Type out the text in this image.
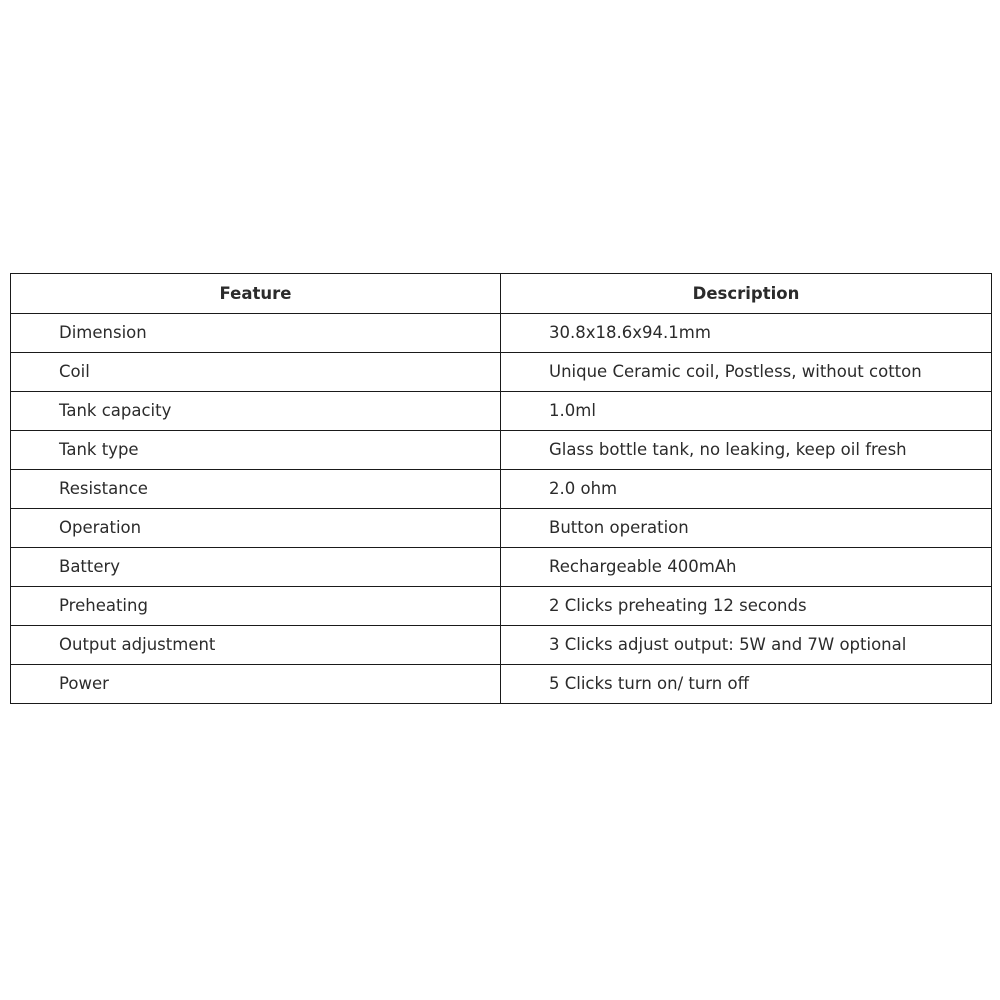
Feature	Description
Dimension	30.8x18.6x94.1mm
Coil	Unique Ceramic coil, Postless, without cotton
Tank capacity	1.0ml
Tank type	Glass bottle tank, no leaking, keep oil fresh
Resistance	2.0 ohm
Operation	Button operation
Battery	Rechargeable 400mAh
Preheating	2 Clicks preheating 12 seconds
Output adjustment	3 Clicks adjust output: 5W and 7W optional
Power	5 Clicks turn on/ turn off
